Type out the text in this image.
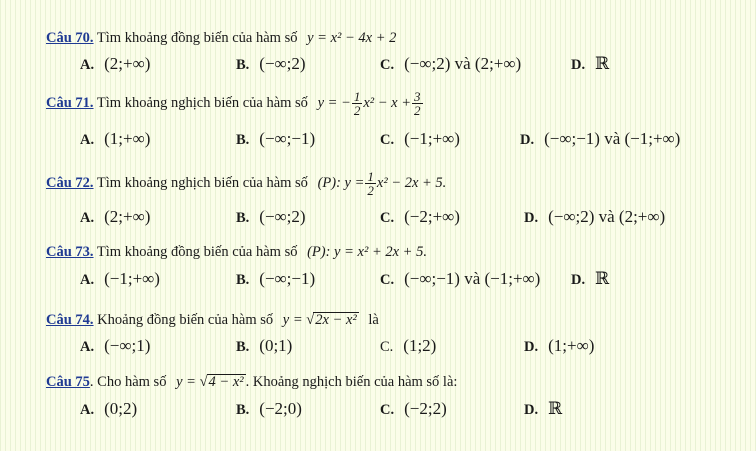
Câu 70. Tìm khoảng đồng biến của hàm số y = x² − 4x + 2
A. (2;+∞)	B. (−∞;2)	C. (−∞;2) và (2;+∞)	D. ℝ
Câu 71. Tìm khoảng nghịch biến của hàm số y = − $\frac{1}{2} x^2 - x + \frac{3}{2}$
A. (1;+∞)	B. (−∞;−1)	C. (−1;+∞)	D. (−∞;−1) và (−1;+∞)
Câu 72. Tìm khoảng nghịch biến của hàm số (P): $y = \frac{1}{2} x^2 - 2x + 5$.
A. (2;+∞)	B. (−∞;2)	C. (−2;+∞)	D. (−∞;2) và (2;+∞)
Câu 73. Tìm khoảng đồng biến của hàm số (P): y = x² + 2x + 5.
A. (−1;+∞)	B. (−∞;−1)	C. (−∞;−1) và (−1;+∞) D. ℝ
Câu 74. Khoảng đồng biến của hàm số y = √2x − x² là
A. (−∞;1)	B. (0;1)	C. (1;2)	D. (1;+∞)
Câu 75. Cho hàm số y = √4 − x² . Khoảng nghịch biến của hàm số là:
A. (0;2)	B. (−2;0)	C. (−2;2)	D. ℝ
